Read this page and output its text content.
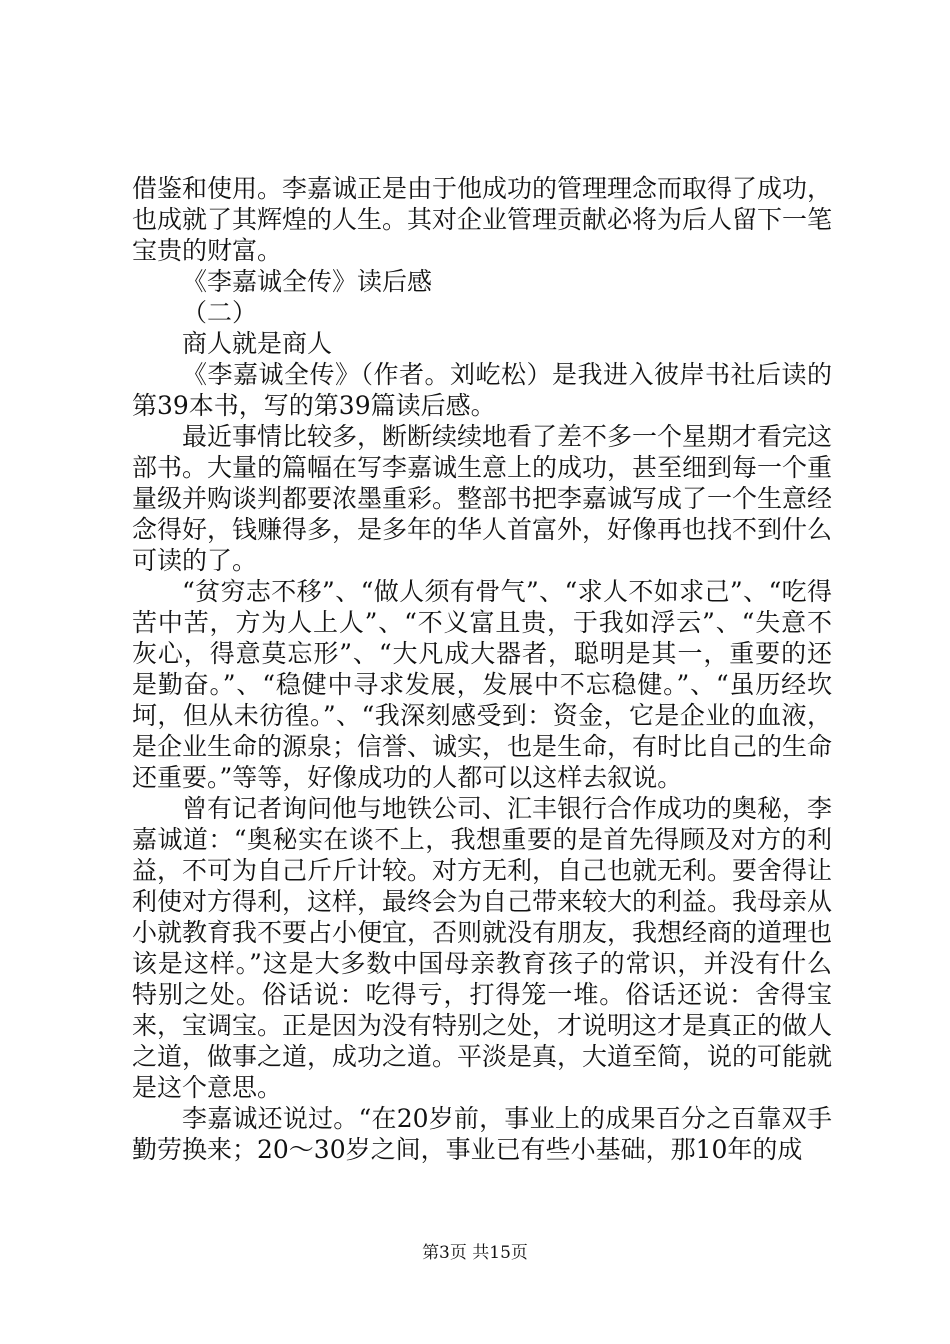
借鉴和使用。李嘉诚正是由于他成功的管理理念而取得了成功，也成就了其辉煌的人生。其对企业管理贡献必将为后人留下一笔宝贵的财富。

《李嘉诚全传》读后感

（二）

商人就是商人

《李嘉诚全传》（作者。刘屹松）是我进入彼岸书社后读的第39本书，写的第39篇读后感。

最近事情比较多，断断续续地看了差不多一个星期才看完这部书。大量的篇幅在写李嘉诚生意上的成功，甚至细到每一个重量级并购谈判都要浓墨重彩。整部书把李嘉诚写成了一个生意经念得好，钱赚得多，是多年的华人首富外，好像再也找不到什么可读的了。

“贫穷志不移”、“做人须有骨气”、“求人不如求己”、“吃得苦中苦，方为人上人”、“不义富且贵，于我如浮云”、“失意不灰心，得意莫忘形”、“大凡成大器者，聪明是其一，重要的还是勤奋。”、“稳健中寻求发展，发展中不忘稳健。”、“虽历经坎坷，但从未彷徨。”、“我深刻感受到：资金，它是企业的血液，是企业生命的源泉；信誉、诚实，也是生命，有时比自己的生命还重要。”等等，好像成功的人都可以这样去叙说。

曾有记者询问他与地铁公司、汇丰银行合作成功的奥秘，李嘉诚道：“奥秘实在谈不上，我想重要的是首先得顾及对方的利益，不可为自己斤斤计较。对方无利，自己也就无利。要舍得让利使对方得利，这样，最终会为自己带来较大的利益。我母亲从小就教育我不要占小便宜，否则就没有朋友，我想经商的道理也该是这样。”这是大多数中国母亲教育孩子的常识，并没有什么特别之处。俗话说：吃得亏，打得笼一堆。俗话还说：舍得宝来，宝调宝。正是因为没有特别之处，才说明这才是真正的做人之道，做事之道，成功之道。平淡是真，大道至简，说的可能就是这个意思。

李嘉诚还说过。“在20岁前，事业上的成果百分之百靠双手勤劳换来；20～30岁之间，事业已有些小基础，那10年的成

第3页 共15页
